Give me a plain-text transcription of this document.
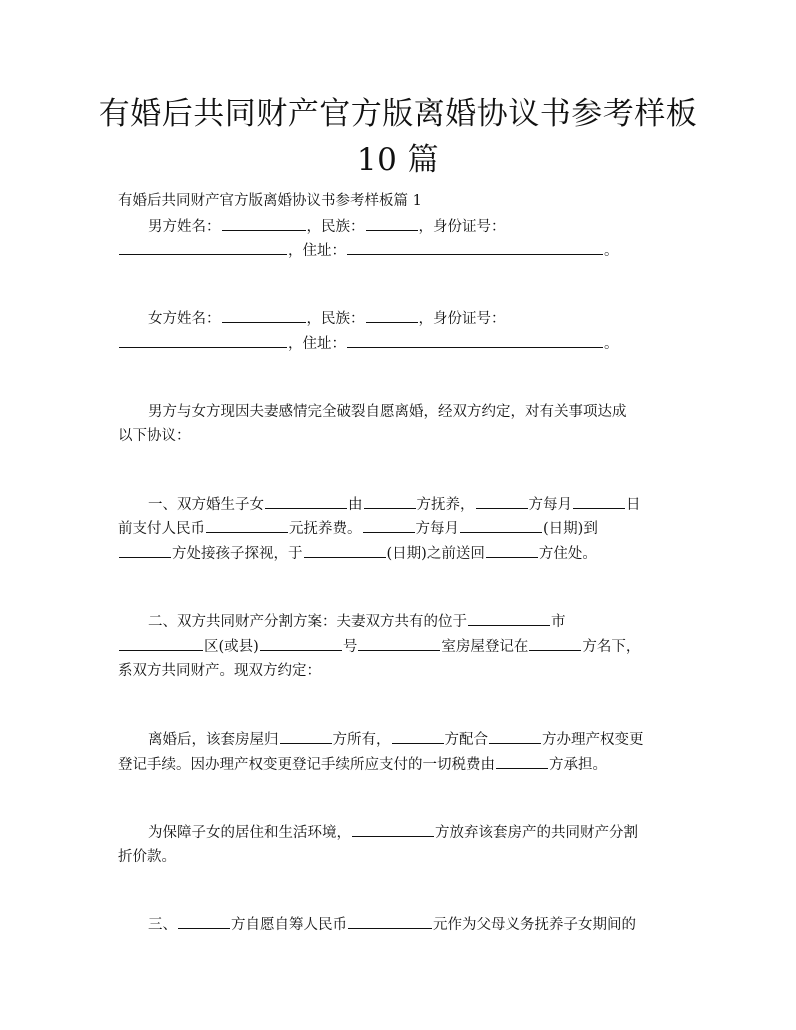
有婚后共同财产官方版离婚协议书参考样板
10 篇

有婚后共同财产官方版离婚协议书参考样板篇 1

男方姓名：	，民族：	，身份证号：

，住址：	。

女方姓名：	，民族：	，身份证号：

，住址：	。

男方与女方现因夫妻感情完全破裂自愿离婚，经双方约定，对有关事项达成

以下协议：

一、双方婚生子女	由	方抚养，	方每月	日

前支付人民币	元抚养费。	方每月	(日期)到

方处接孩子探视，于	(日期)之前送回	方住处。

二、双方共同财产分割方案：夫妻双方共有的位于	市

区(或县)	号	室房屋登记在	方名下，

系双方共同财产。现双方约定：

离婚后，该套房屋归	方所有，	方配合	方办理产权变更

登记手续。因办理产权变更登记手续所应支付的一切税费由	方承担。

为保障子女的居住和生活环境，	方放弃该套房产的共同财产分割

折价款。

三、	方自愿自筹人民币	元作为父母义务抚养子女期间的
